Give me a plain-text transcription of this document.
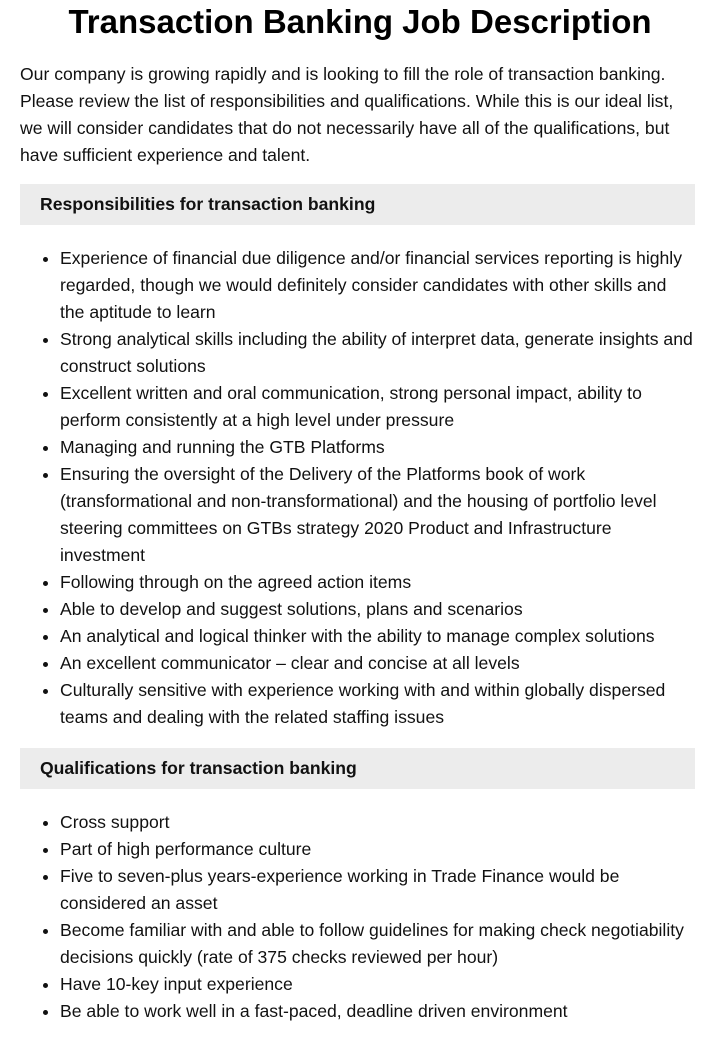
Transaction Banking Job Description

Our company is growing rapidly and is looking to fill the role of transaction banking. Please review the list of responsibilities and qualifications. While this is our ideal list, we will consider candidates that do not necessarily have all of the qualifications, but have sufficient experience and talent.

Responsibilities for transaction banking
• Experience of financial due diligence and/or financial services reporting is highly regarded, though we would definitely consider candidates with other skills and the aptitude to learn
• Strong analytical skills including the ability of interpret data, generate insights and construct solutions
• Excellent written and oral communication, strong personal impact, ability to perform consistently at a high level under pressure
• Managing and running the GTB Platforms
• Ensuring the oversight of the Delivery of the Platforms book of work (transformational and non-transformational) and the housing of portfolio level steering committees on GTBs strategy 2020 Product and Infrastructure investment
• Following through on the agreed action items
• Able to develop and suggest solutions, plans and scenarios
• An analytical and logical thinker with the ability to manage complex solutions
• An excellent communicator – clear and concise at all levels
• Culturally sensitive with experience working with and within globally dispersed teams and dealing with the related staffing issues
Qualifications for transaction banking
• Cross support
• Part of high performance culture
• Five to seven-plus years-experience working in Trade Finance would be considered an asset
• Become familiar with and able to follow guidelines for making check negotiability decisions quickly (rate of 375 checks reviewed per hour)
• Have 10-key input experience
• Be able to work well in a fast-paced, deadline driven environment
